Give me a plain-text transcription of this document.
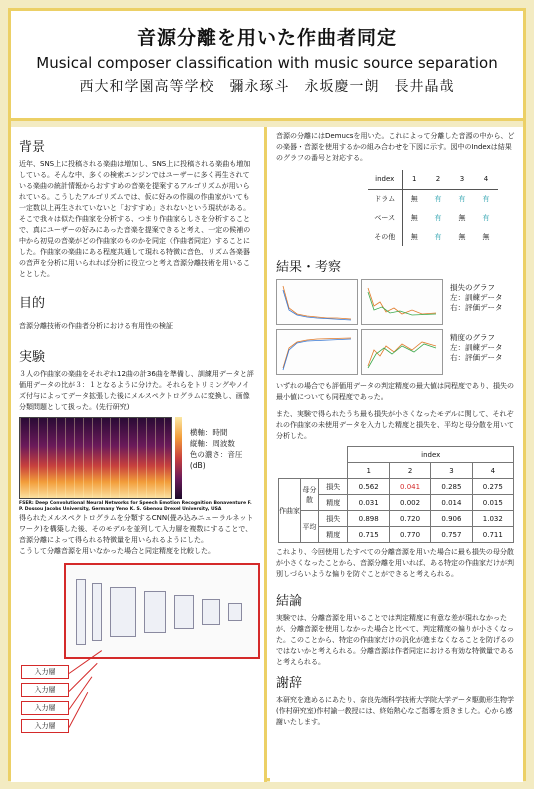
音源分離を用いた作曲者同定
Musical composer classification with music source separation
西大和学園高等学校　彌永琢斗　永坂慶一朗　長井晶哉
背景

近年、SNS上に投稿される楽曲は増加し、SNS上に投稿される楽曲も増加している。そんな中、多くの検索エンジンではユーザーに多く再生されている楽曲の統計情報からおすすめの音楽を提案するアルゴリズムが用いられている。こうしたアルゴリズムでは、仮に好みの作風の作曲家がいても一定数以上再生されていないと「おすすめ」されないという現状がある。そこで我々は似た作曲家を分析する、つまり作曲家らしさを分析することで、真にユーザーの好みにあった音楽を提案できると考え、一定の候補の中から初見の音楽がどの作曲家のものかを同定（作曲者同定）することにした。作曲家の楽曲にある程度共通して現れる特徴に音色、リズム各楽器の音声を分析に用いられれば分析に役立つと考え音源分離技術を用いることとした。

目的

音源分離技術の作曲者分析における有用性の検証

実験

３人の作曲家の楽曲をそれぞれ12曲の計36曲を準備し、訓練用データと評価用データの比が３：１となるように分けた。それらをトリミングやノイズ付与によってデータ拡張した後にメルスペクトログラムに変換し、画像分類問題として扱った。(先行研究)

横軸：時間
縦軸：周波数
色の濃さ：音圧(dB)
FSER: Deep Convolutional Neural Networks for Speech Emotion Recognition Bonaventure F. P. Dossou Jacobs University, Germany Yeno K. S. Gbenou Drexel University, USA

得られたメルスペクトログラムを分類するCNN(畳み込みニューラルネットワーク)を構築した後、そのモデルを並列して入力層を複数にすることで、音源分離によって得られる特徴量を用いられるようにした。

こうして分離音源を用いなかった場合と同定精度を比較した。

入力層
入力層
入力層
入力層

音源の分離にはDemucsを用いた。これによって分離した音源の中から、どの楽器・音源を使用するかの組み合わせを下図に示す。図中のIndexは結果のグラフの番号と対応する。

index	1	2	3	4
ドラム	無	有	有	有
ベース	無	有	無	有
その他	無	有	無	無
結果・考察
損失のグラフ
左：訓練データ
右：評価データ
精度のグラフ
左：訓練データ
右：評価データ

いずれの場合でも評価用データの判定精度の最大値は同程度であり、損失の最小値についても同程度であった。

また、実験で得られたうち最も損失が小さくなったモデルに関して、それぞれの作曲家の未使用データを入力した精度と損失を、平均と母分散を用いて分析した。

			index			
			1	2	3	4
作曲家	母分散	損失	0.562	0.041	0.285	0.275
		精度	0.031	0.002	0.014	0.015
	平均	損失	0.898	0.720	0.906	1.032
		精度	0.715	0.770	0.757	0.711

これより、今回使用したすべての分離音源を用いた場合に最も損失の母分散が小さくなったことから、音源分離を用いれば、ある特定の作曲家だけが判別しづらいような偏りを防ぐことができると考えられる。

結論

実験では、分離音源を用いることでは判定精度に有意な差が現れなかったが、分離音源を使用しなかった場合と比べて、判定精度の偏りが小さくなった。このことから、特定の作曲家だけの汎化が進まなくなることを防げるのではないかと考えられる。分離音源は作者同定における有効な特徴量であると考えられる。

謝辞

本研究を進めるにあたり、奈良先端科学技術大学院大学データ駆動形生物学(作村研究室)作村諭一教授には、終始熱心なご指導を頂きました。心から感謝いたします。
